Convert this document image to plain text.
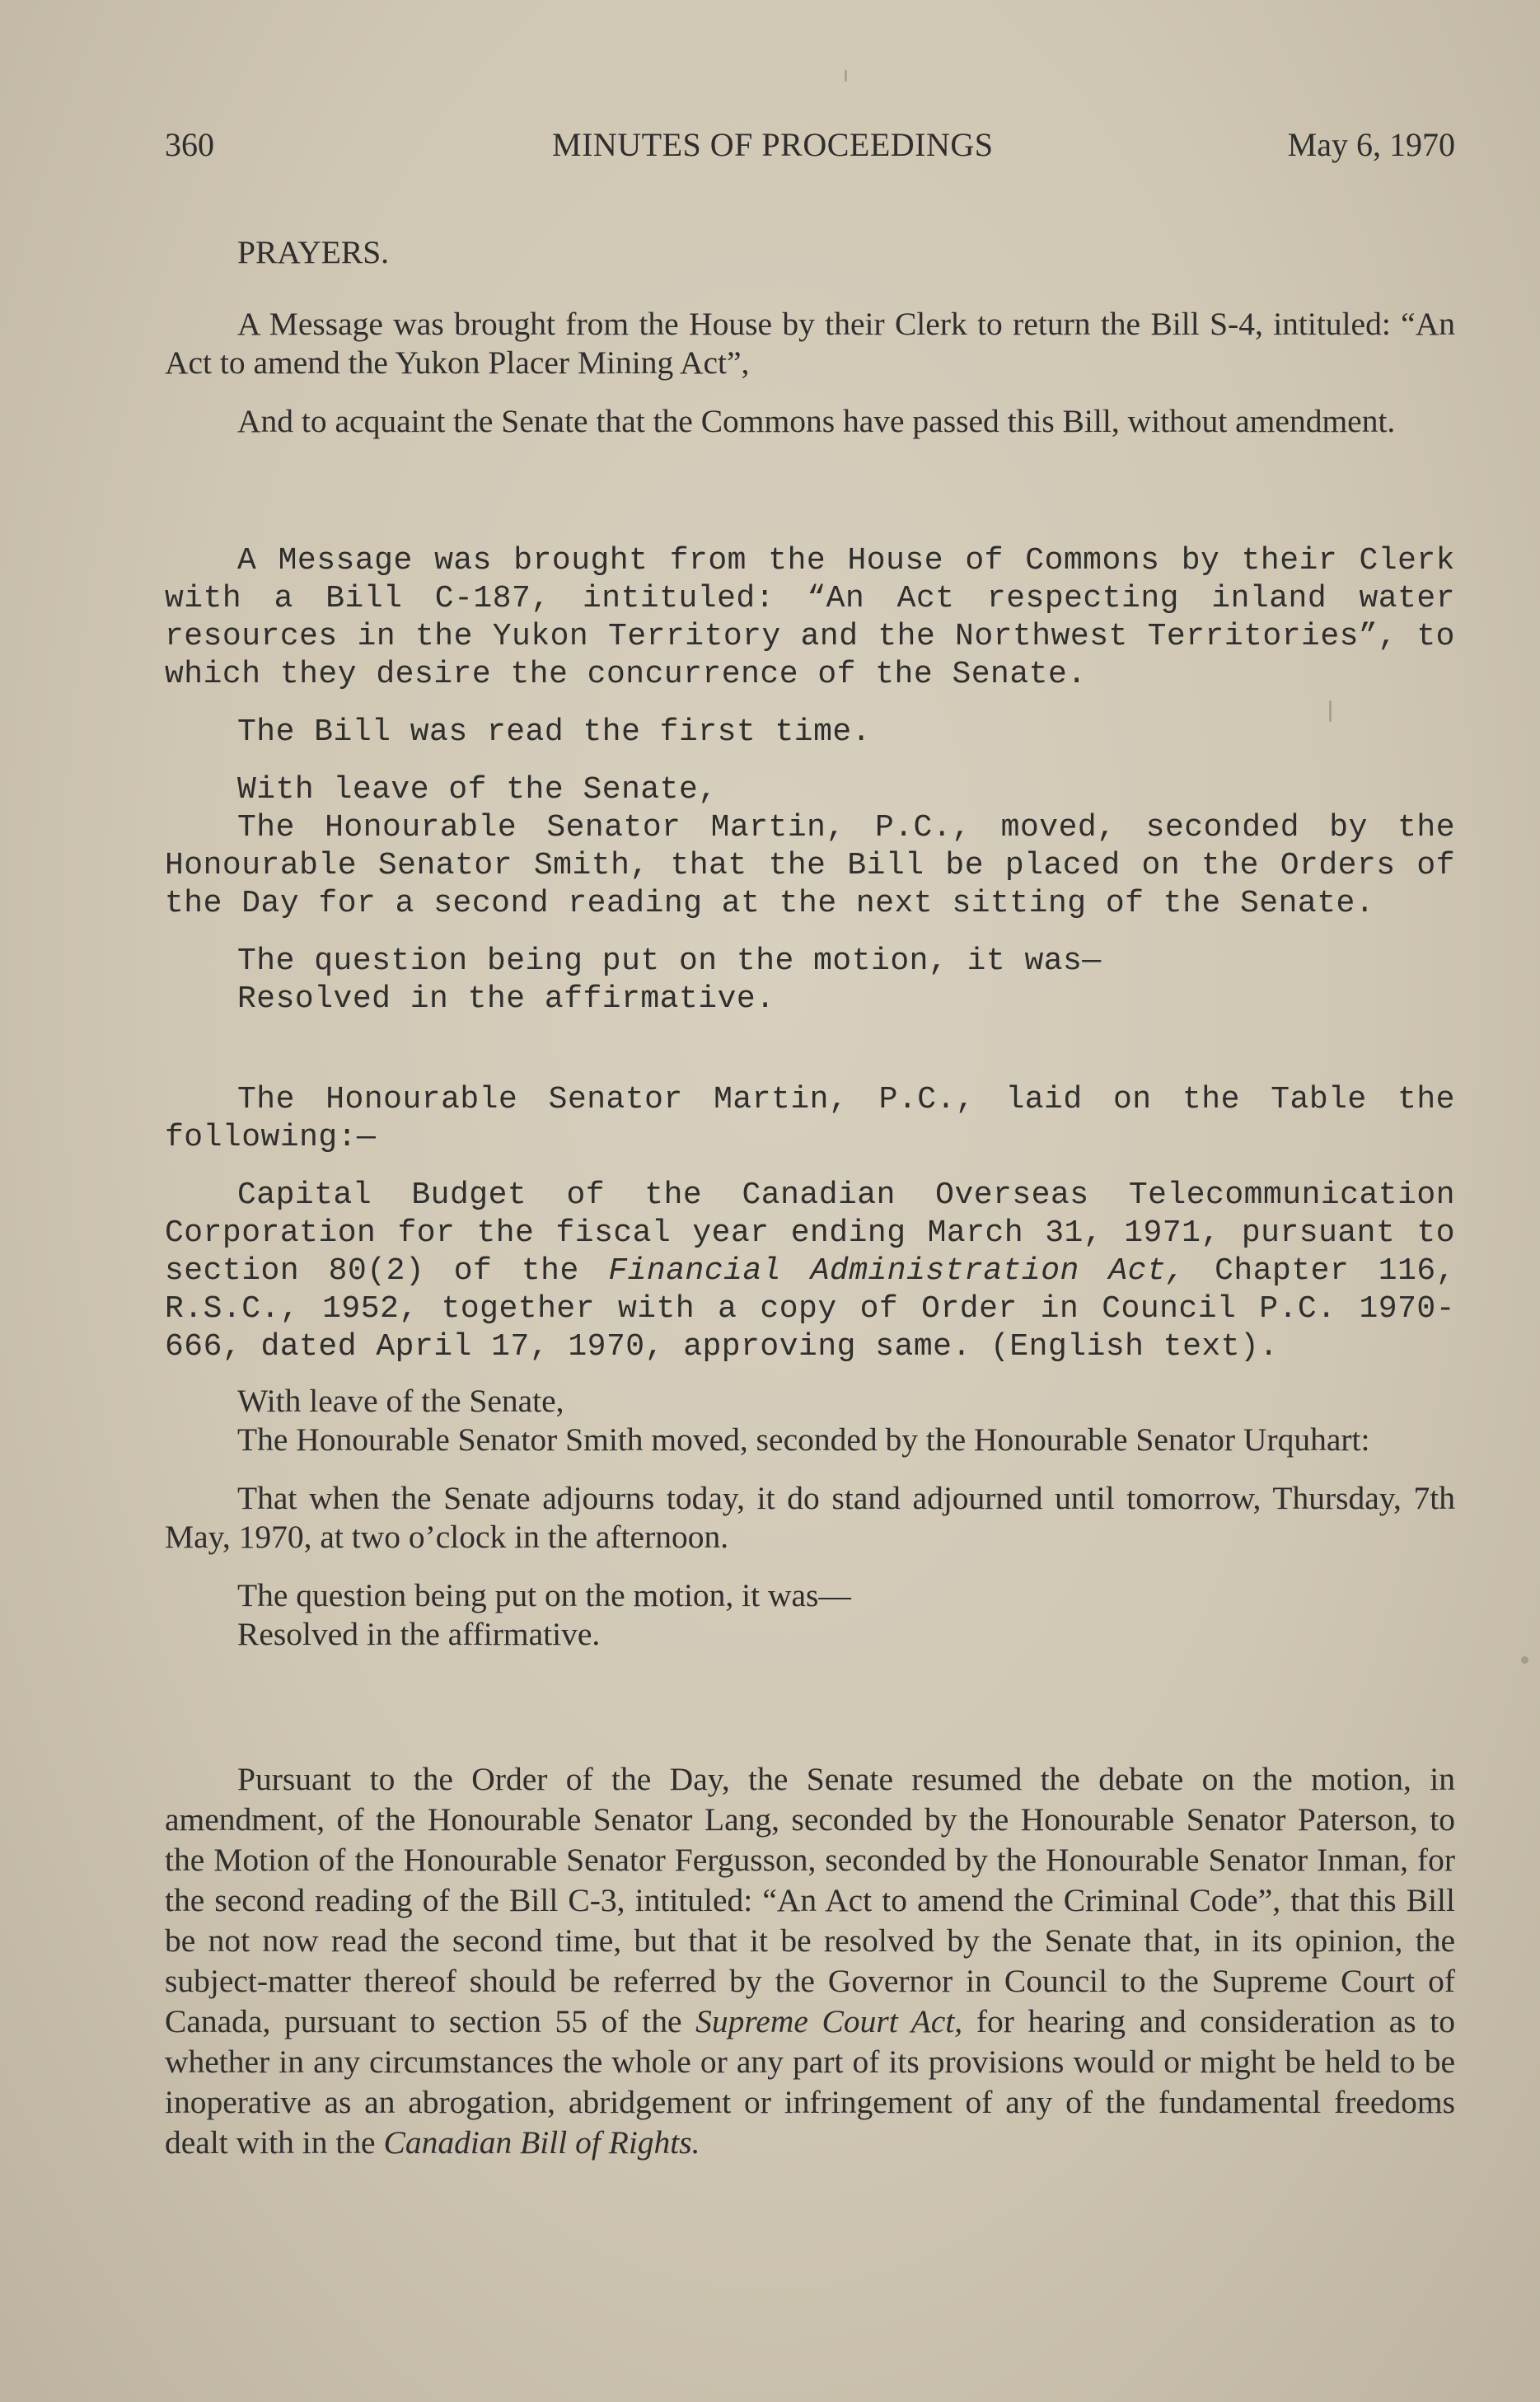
360	MINUTES OF PROCEEDINGS	May 6, 1970

PRAYERS.

A Message was brought from the House by their Clerk to return the Bill S-4, intituled: “An Act to amend the Yukon Placer Mining Act”,

And to acquaint the Senate that the Commons have passed this Bill, without amendment.

A Message was brought from the House of Commons by their Clerk with a Bill C-187, intituled: “An Act respecting inland water resources in the Yukon Territory and the Northwest Territories”, to which they desire the concurrence of the Senate.

The Bill was read the first time.

With leave of the Senate,

The Honourable Senator Martin, P.C., moved, seconded by the Honourable Senator Smith, that the Bill be placed on the Orders of the Day for a second reading at the next sitting of the Senate.

The question being put on the motion, it was—

Resolved in the affirmative.

The Honourable Senator Martin, P.C., laid on the Table the following:—

Capital Budget of the Canadian Overseas Telecommunication Corporation for the fiscal year ending March 31, 1971, pursuant to section 80(2) of the Financial Administration Act, Chapter 116, R.S.C., 1952, together with a copy of Order in Council P.C. 1970-666, dated April 17, 1970, approving same. (English text).

With leave of the Senate,

The Honourable Senator Smith moved, seconded by the Honourable Senator Urquhart:

That when the Senate adjourns today, it do stand adjourned until tomorrow, Thursday, 7th May, 1970, at two o’clock in the afternoon.

The question being put on the motion, it was—

Resolved in the affirmative.

Pursuant to the Order of the Day, the Senate resumed the debate on the motion, in amendment, of the Honourable Senator Lang, seconded by the Honourable Senator Paterson, to the Motion of the Honourable Senator Fergusson, seconded by the Honourable Senator Inman, for the second reading of the Bill C-3, intituled: “An Act to amend the Criminal Code”, that this Bill be not now read the second time, but that it be resolved by the Senate that, in its opinion, the subject-matter thereof should be referred by the Governor in Council to the Supreme Court of Canada, pursuant to section 55 of the Supreme Court Act, for hearing and consideration as to whether in any circumstances the whole or any part of its provisions would or might be held to be inoperative as an abrogation, abridgement or infringement of any of the fundamental freedoms dealt with in the Canadian Bill of Rights.
